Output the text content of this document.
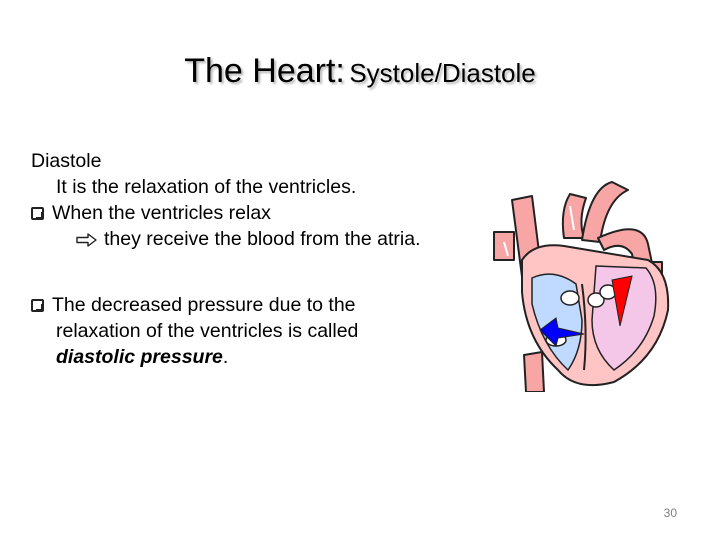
The Heart: Systole/Diastole
Diastole
It is the relaxation of the ventricles.
When the ventricles relax
they receive the blood from the atria.
The decreased pressure due to the
relaxation of the ventricles is called
diastolic pressure.
30
